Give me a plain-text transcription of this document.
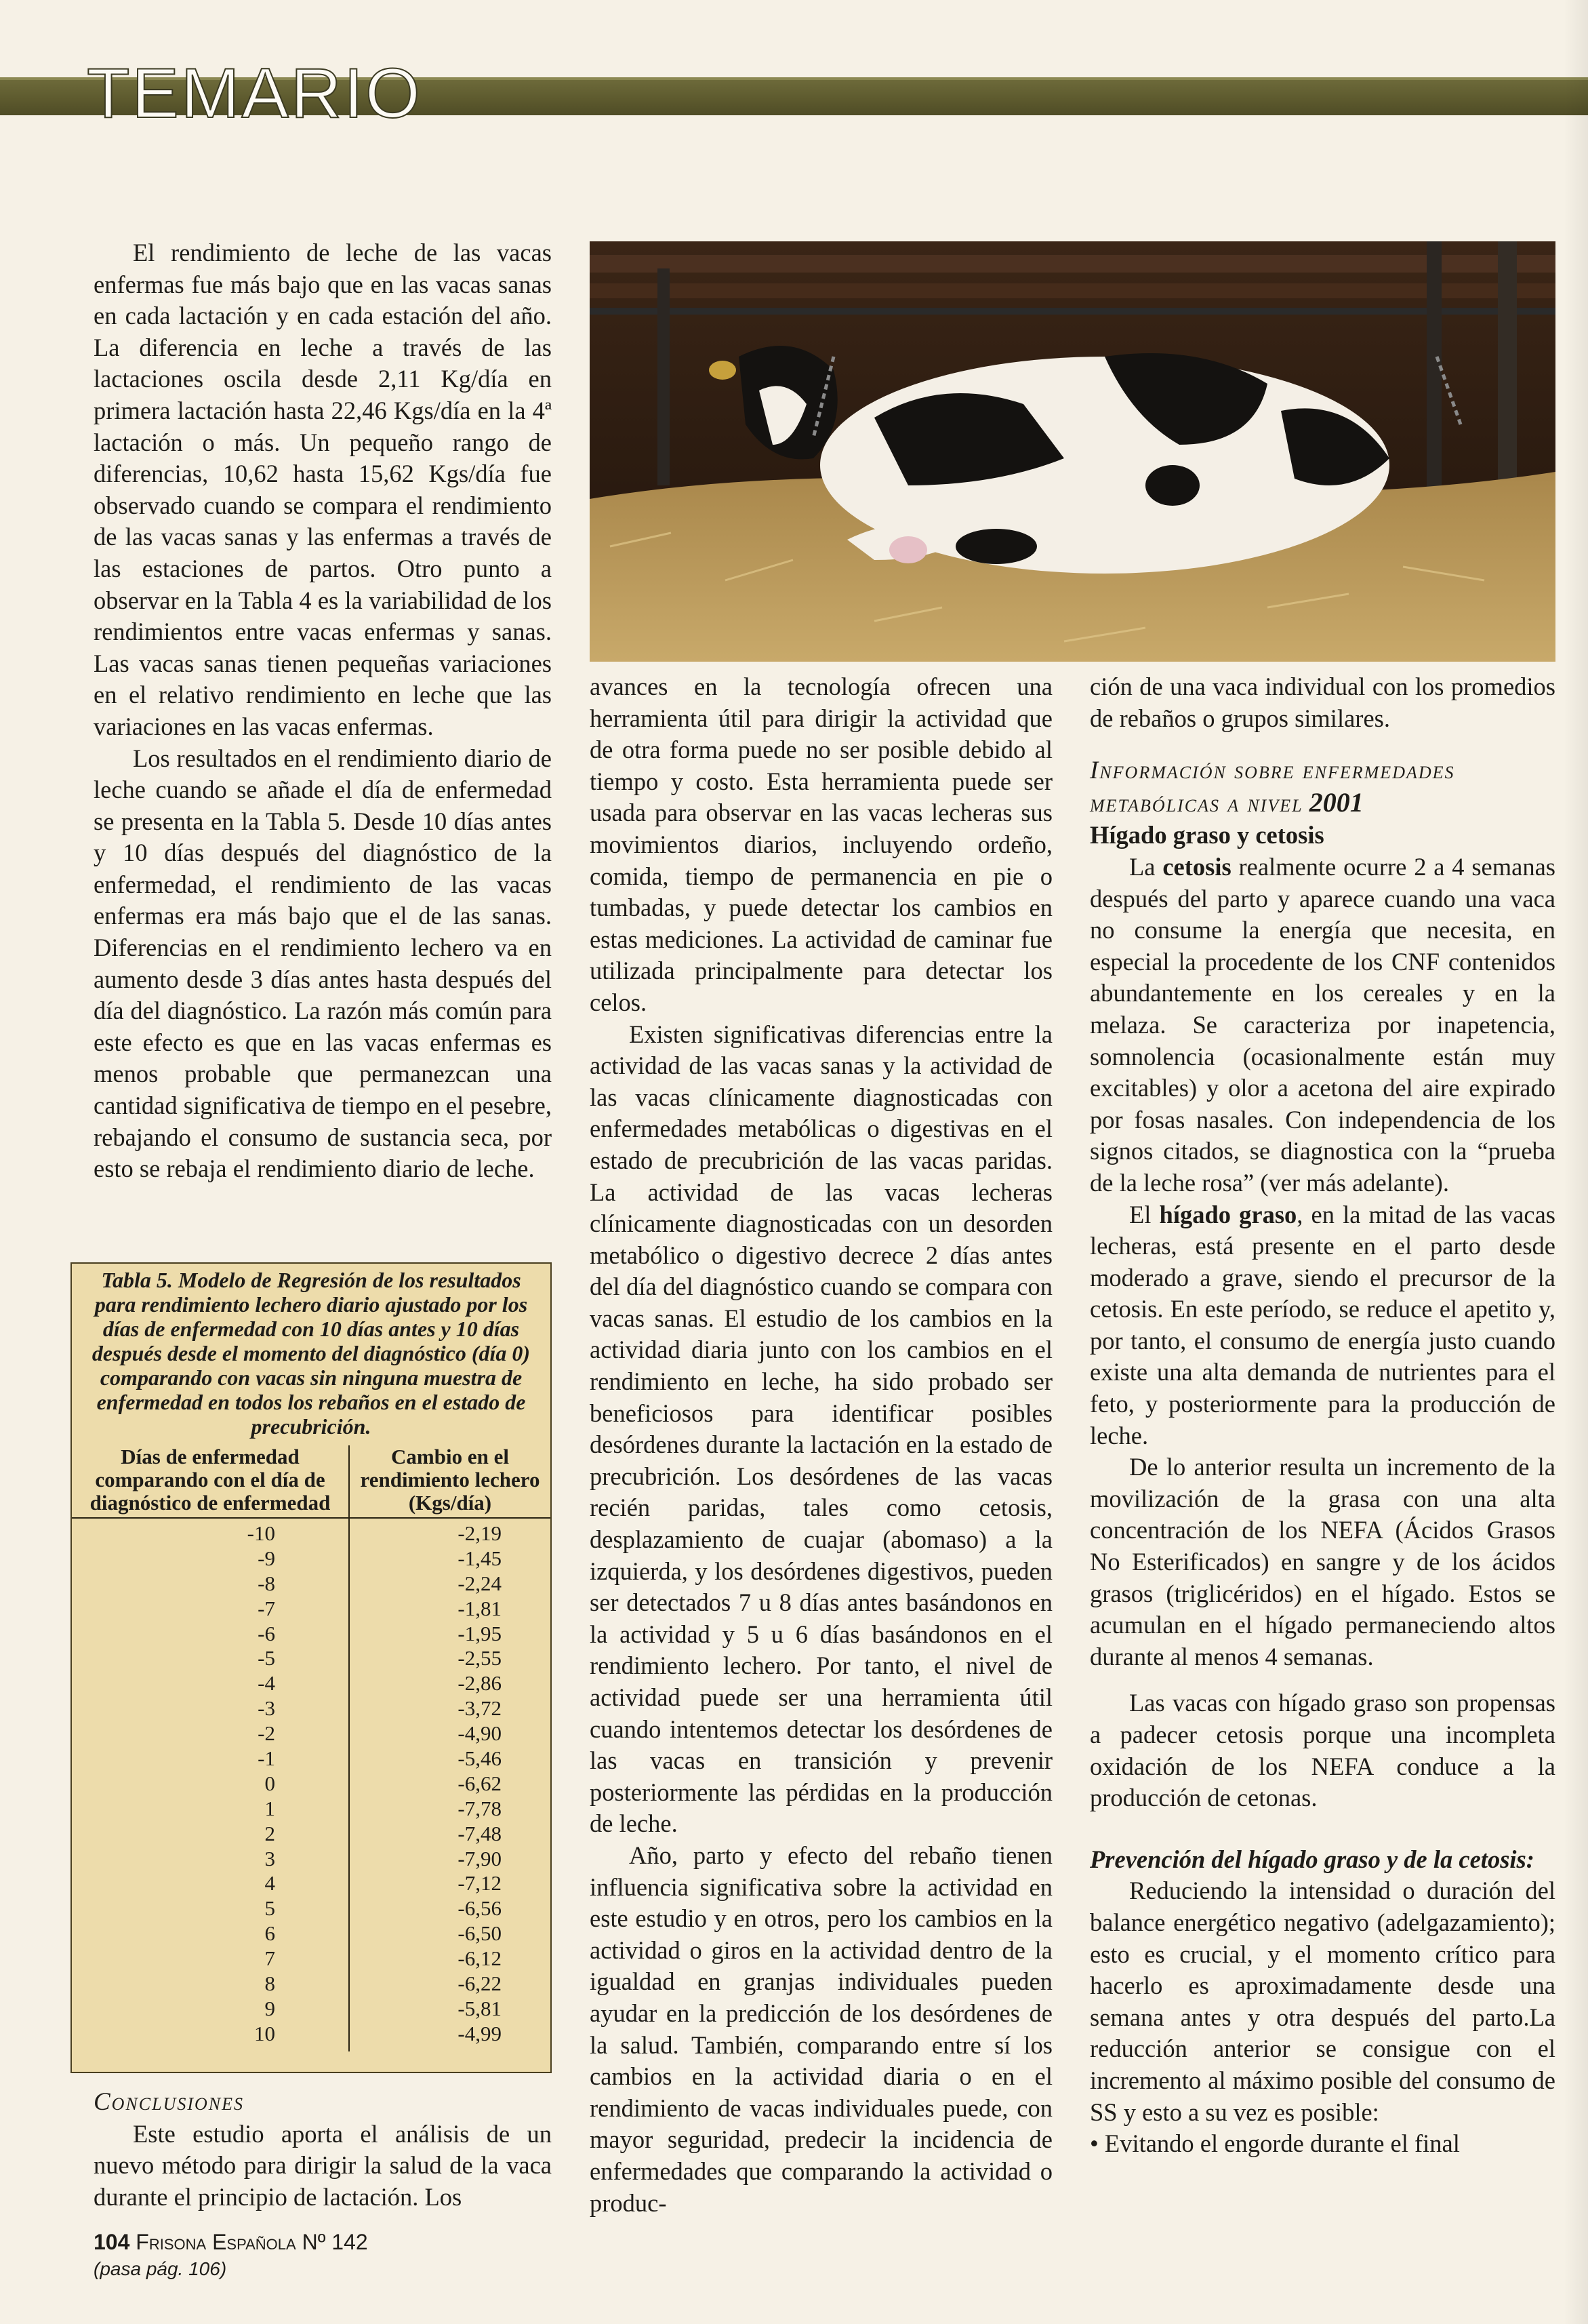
TEMARIO

El rendimiento de leche de las vacas enfermas fue más bajo que en las vacas sanas en cada lactación y en cada estación del año. La diferencia en leche a través de las lactaciones oscila desde 2,11 Kg/día en primera lactación hasta 22,46 Kgs/día en la 4ª lactación o más. Un pequeño rango de diferencias, 10,62 hasta 15,62 Kgs/día fue observado cuando se compara el rendimiento de las vacas sanas y las enfermas a través de las estaciones de partos. Otro punto a observar en la Tabla 4 es la variabilidad de los rendimientos entre vacas enfermas y sanas. Las vacas sanas tienen pequeñas variaciones en el relativo rendimiento en leche que las variaciones en las vacas enfermas.

Los resultados en el rendimiento diario de leche cuando se añade el día de enfermedad se presenta en la Tabla 5. Desde 10 días antes y 10 días después del diagnóstico de la enfermedad, el rendimiento de las vacas enfermas era más bajo que el de las sanas. Diferencias en el rendimiento lechero va en aumento desde 3 días antes hasta después del día del diagnóstico. La razón más común para este efecto es que en las vacas enfermas es menos probable que permanezcan una cantidad significativa de tiempo en el pesebre, rebajando el consumo de sustancia seca, por esto se rebaja el rendimiento diario de leche.

Tabla 5. Modelo de Regresión de los resultados para rendimiento lechero diario ajustado por los días de enfermedad con 10 días antes y 10 días después desde el momento del diagnóstico (día 0) comparando con vacas sin ninguna muestra de enfermedad en todos los rebaños en el estado de precubrición.
Días de enfermedad comparando con el día de diagnóstico de enfermedad
Cambio en el rendimiento lechero (Kgs/día)
-10
-9
-8
-7
-6
-5
-4
-3
-2
-1
0
1
2
3
4
5
6
7
8
9
10
-2,19
-1,45
-2,24
-1,81
-1,95
-2,55
-2,86
-3,72
-4,90
-5,46
-6,62
-7,78
-7,48
-7,90
-7,12
-6,56
-6,50
-6,12
-6,22
-5,81
-4,99
Conclusiones

Este estudio aporta el análisis de un nuevo método para dirigir la salud de la vaca durante el principio de lactación. Los

avances en la tecnología ofrecen una herramienta útil para dirigir la actividad que de otra forma puede no ser posible debido al tiempo y costo. Esta herramienta puede ser usada para observar en las vacas lecheras sus movimientos diarios, incluyendo ordeño, comida, tiempo de permanencia en pie o tumbadas, y puede detectar los cambios en estas mediciones. La actividad de caminar fue utilizada principalmente para detectar los celos.

Existen significativas diferencias entre la actividad de las vacas sanas y la actividad de las vacas clínicamente diagnosticadas con enfermedades metabólicas o digestivas en el estado de precubrición de las vacas paridas. La actividad de las vacas lecheras clínicamente diagnosticadas con un desorden metabólico o digestivo decrece 2 días antes del día del diagnóstico cuando se compara con vacas sanas. El estudio de los cambios en la actividad diaria junto con los cambios en el rendimiento en leche, ha sido probado ser beneficiosos para identificar posibles desórdenes durante la lactación en la estado de precubrición. Los desórdenes de las vacas recién paridas, tales como cetosis, desplazamiento de cuajar (abomaso) a la izquierda, y los desórdenes digestivos, pueden ser detectados 7 u 8 días antes basándonos en la actividad y 5 u 6 días basándonos en el rendimiento lechero. Por tanto, el nivel de actividad puede ser una herramienta útil cuando intentemos detectar los desórdenes de las vacas en transición y prevenir posteriormente las pérdidas en la producción de leche.

Año, parto y efecto del rebaño tienen influencia significativa sobre la actividad en este estudio y en otros, pero los cambios en la actividad o giros en la actividad dentro de la igualdad en granjas individuales pueden ayudar en la predicción de los desórdenes de la salud. También, comparando entre sí los cambios en la actividad diaria o en el rendimiento de vacas individuales puede, con mayor seguridad, predecir la incidencia de enfermedades que comparando la actividad o produc-

ción de una vaca individual con los promedios de rebaños o grupos similares.

Información sobre enfermedades metabólicas a nivel 2001
Hígado graso y cetosis

La cetosis realmente ocurre 2 a 4 semanas después del parto y aparece cuando una vaca no consume la energía que necesita, en especial la procedente de los CNF contenidos abundantemente en los cereales y en la melaza. Se caracteriza por inapetencia, somnolencia (ocasionalmente están muy excitables) y olor a acetona del aire expirado por fosas nasales. Con independencia de los signos citados, se diagnostica con la “prueba de la leche rosa” (ver más adelante).

El hígado graso, en la mitad de las vacas lecheras, está presente en el parto desde moderado a grave, siendo el precursor de la cetosis. En este período, se reduce el apetito y, por tanto, el consumo de energía justo cuando existe una alta demanda de nutrientes para el feto, y posteriormente para la producción de leche.

De lo anterior resulta un incremento de la movilización de la grasa con una alta concentración de los NEFA (Ácidos Grasos No Esterificados) en sangre y de los ácidos grasos (triglicéridos) en el hígado. Estos se acumulan en el hígado permaneciendo altos durante al menos 4 semanas.

Las vacas con hígado graso son propensas a padecer cetosis porque una incompleta oxidación de los NEFA conduce a la producción de cetonas.

Prevención del hígado graso y de la cetosis:

Reduciendo la intensidad o duración del balance energético negativo (adelgazamiento); esto es crucial, y el momento crítico para hacerlo es aproximadamente desde una semana antes y otra después del parto.La reducción anterior se consigue con el incremento al máximo posible del consumo de SS y esto a su vez es posible:

• Evitando el engorde durante el final
104 Frisona Española Nº 142
(pasa pág. 106)
